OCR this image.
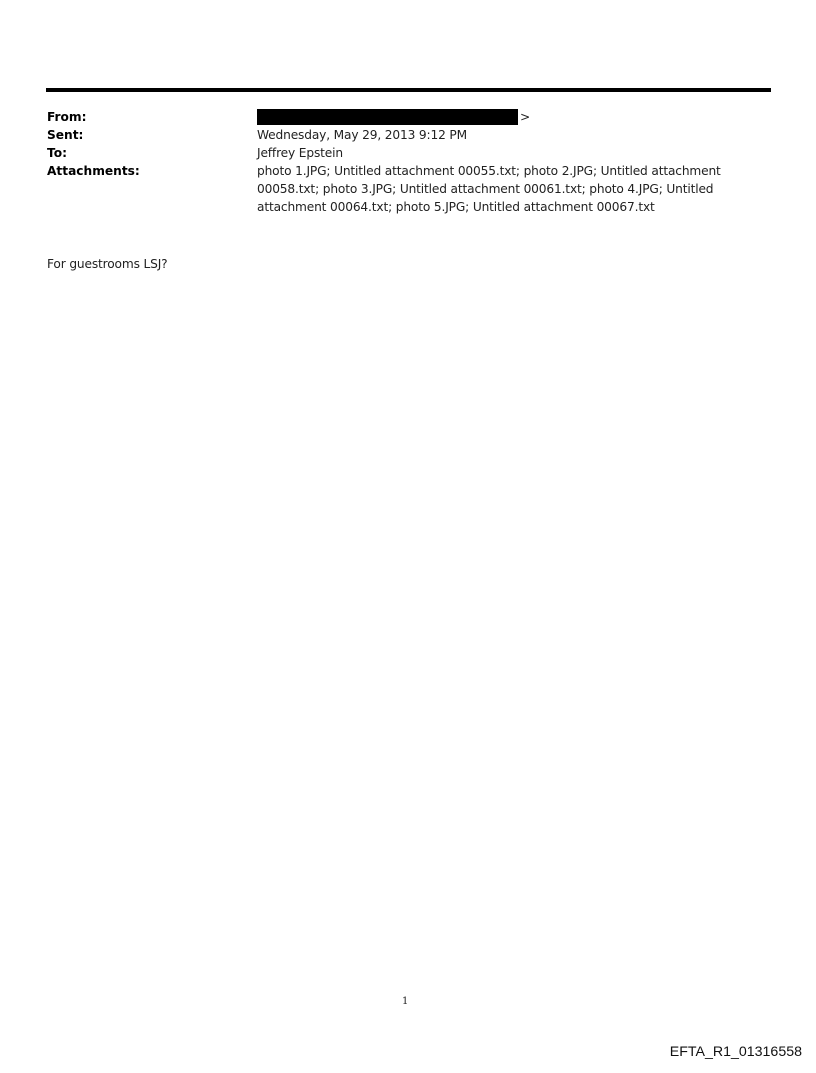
From:	>
Sent:	Wednesday, May 29, 2013 9:12 PM
To:	Jeffrey Epstein
Attachments:	photo 1.JPG; Untitled attachment 00055.txt; photo 2.JPG; Untitled attachment 00058.txt; photo 3.JPG; Untitled attachment 00061.txt; photo 4.JPG; Untitled attachment 00064.txt; photo 5.JPG; Untitled attachment 00067.txt
For guestrooms LSJ?
1
EFTA_R1_01316558
